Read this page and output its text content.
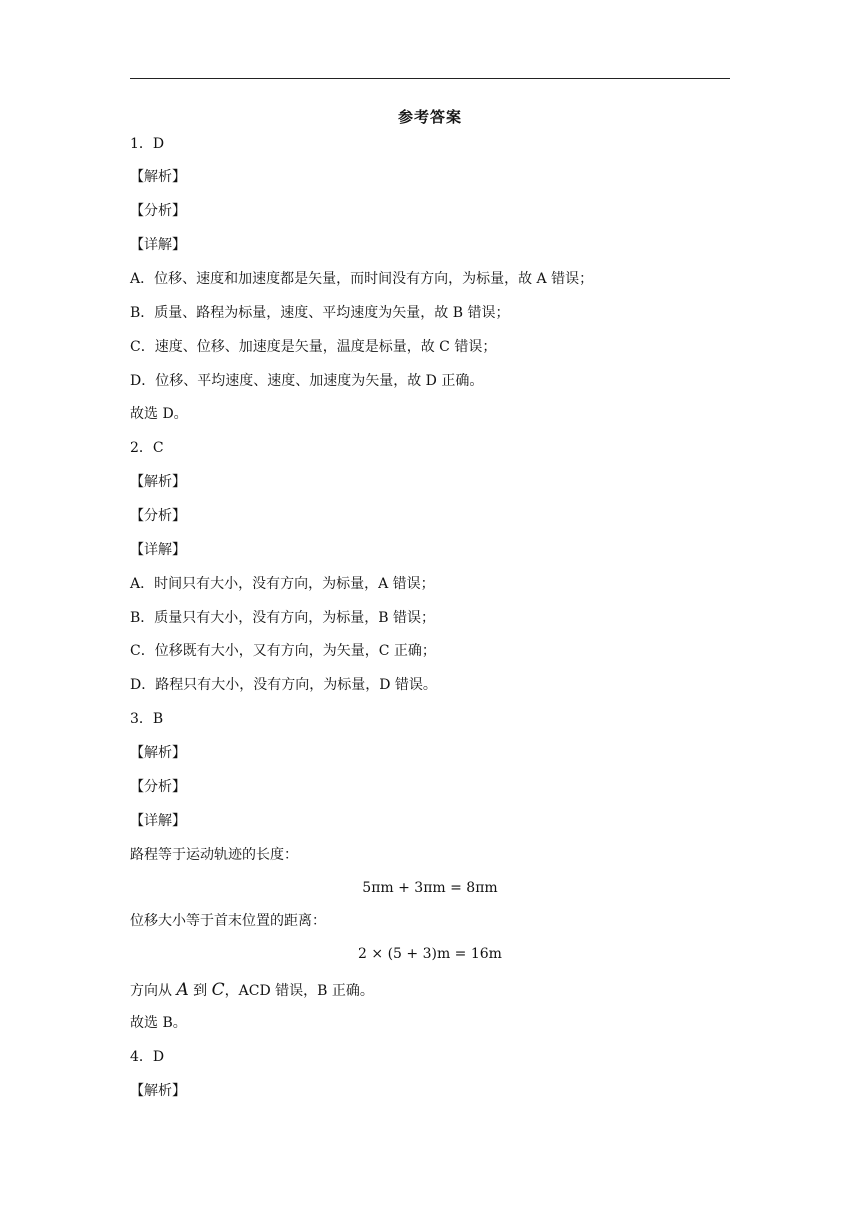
参考答案
1．D
【解析】
【分析】
【详解】
A．位移、速度和加速度都是矢量，而时间没有方向，为标量，故 A 错误；
B．质量、路程为标量，速度、平均速度为矢量，故 B 错误；
C．速度、位移、加速度是矢量，温度是标量，故 C 错误；
D．位移、平均速度、速度、加速度为矢量，故 D 正确。
故选 D。
2．C
【解析】
【分析】
【详解】
A．时间只有大小，没有方向，为标量，A 错误；
B．质量只有大小，没有方向，为标量，B 错误；
C．位移既有大小，又有方向，为矢量，C 正确；
D．路程只有大小，没有方向，为标量，D 错误。
3．B
【解析】
【分析】
【详解】
路程等于运动轨迹的长度：
5πm + 3πm = 8πm
位移大小等于首末位置的距离：
2 × (5 + 3)m = 16m
方向从 A 到 C，ACD 错误，B 正确。
故选 B。
4．D
【解析】
